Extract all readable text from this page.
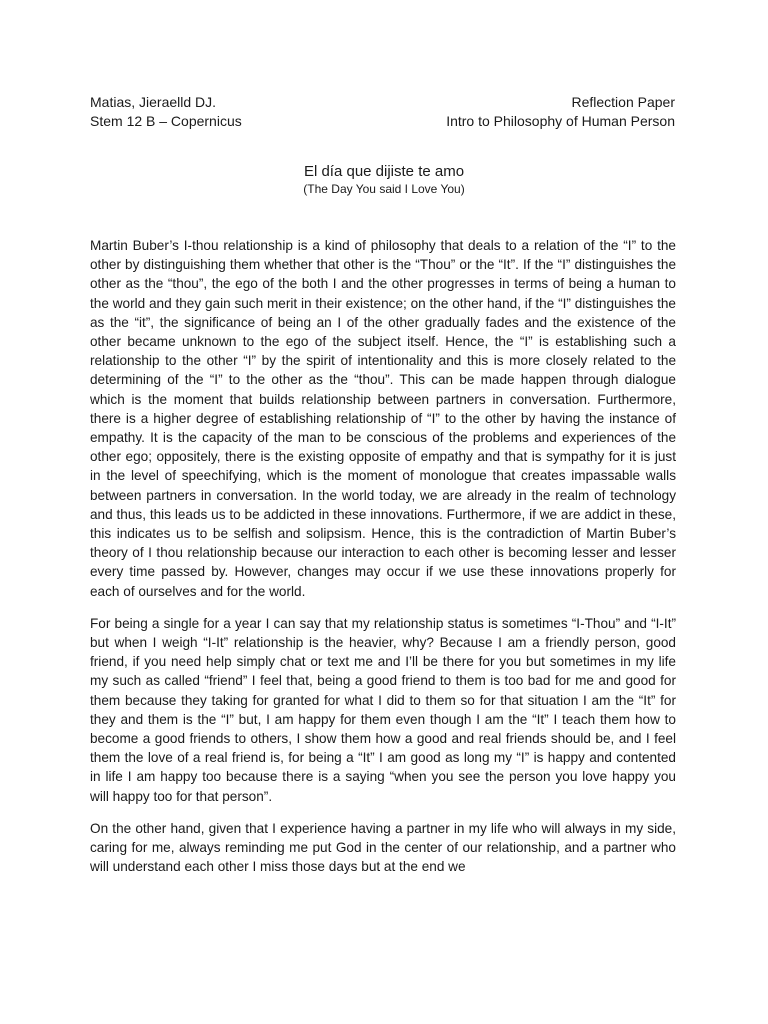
Matias, Jieraelld DJ.	Reflection Paper
Stem 12 B – Copernicus	Intro to Philosophy of Human Person
El día que dijiste te amo
(The Day You said I Love You)

Martin Buber’s I-thou relationship is a kind of philosophy that deals to a relation of the “I” to the other by distinguishing them whether that other is the “Thou” or the “It”. If the “I” distinguishes the other as the “thou”, the ego of the both I and the other progresses in terms of being a human to the world and they gain such merit in their existence; on the other hand, if the “I” distinguishes the as the “it”, the significance of being an I of the other gradually fades and the existence of the other became unknown to the ego of the subject itself. Hence, the “I” is establishing such a relationship to the other “I” by the spirit of intentionality and this is more closely related to the determining of the “I” to the other as the “thou”. This can be made happen through dialogue which is the moment that builds relationship between partners in conversation. Furthermore, there is a higher degree of establishing relationship of “I” to the other by having the instance of empathy. It is the capacity of the man to be conscious of the problems and experiences of the other ego; oppositely, there is the existing opposite of empathy and that is sympathy for it is just in the level of speechifying, which is the moment of monologue that creates impassable walls between partners in conversation. In the world today, we are already in the realm of technology and thus, this leads us to be addicted in these innovations. Furthermore, if we are addict in these, this indicates us to be selfish and solipsism. Hence, this is the contradiction of Martin Buber’s theory of I thou relationship because our interaction to each other is becoming lesser and lesser every time passed by. However, changes may occur if we use these innovations properly for each of ourselves and for the world.

For being a single for a year I can say that my relationship status is sometimes “I-Thou” and “I-It” but when I weigh “I-It” relationship is the heavier, why? Because I am a friendly person, good friend, if you need help simply chat or text me and I’ll be there for you but sometimes in my life my such as called “friend” I feel that, being a good friend to them is too bad for me and good for them because they taking for granted for what I did to them so for that situation I am the “It” for they and them is the “I” but, I am happy for them even though I am the “It” I teach them how to become a good friends to others, I show them how a good and real friends should be, and I feel them the love of a real friend is, for being a “It” I am good as long my “I” is happy and contented in life I am happy too because there is a saying “when you see the person you love happy you will happy too for that person”.

On the other hand, given that I experience having a partner in my life who will always in my side, caring for me, always reminding me put God in the center of our relationship, and a partner who will understand each other I miss those days but at the end we
